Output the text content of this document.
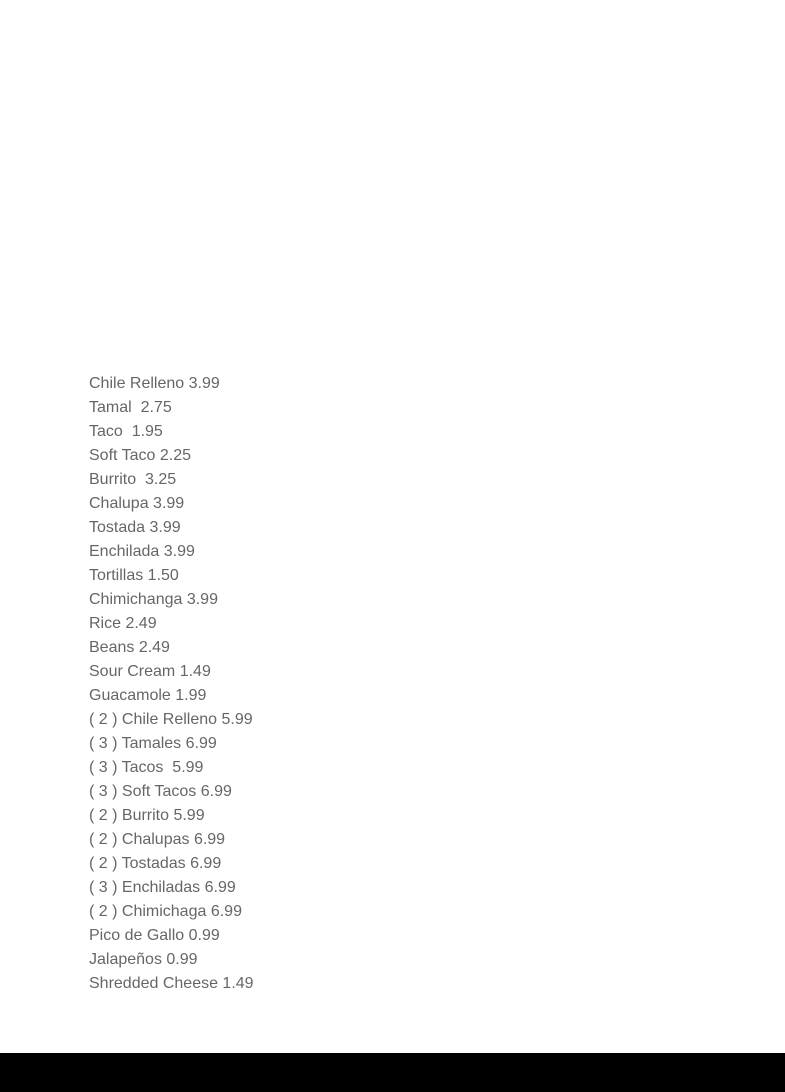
Chile Relleno 3.99
Tamal  2.75
Taco  1.95
Soft Taco 2.25
Burrito  3.25
Chalupa 3.99
Tostada 3.99
Enchilada 3.99
Tortillas 1.50
Chimichanga 3.99
Rice 2.49
Beans 2.49
Sour Cream 1.49
Guacamole 1.99
( 2 ) Chile Relleno 5.99
( 3 ) Tamales 6.99
( 3 ) Tacos  5.99
( 3 ) Soft Tacos 6.99
( 2 ) Burrito 5.99
( 2 ) Chalupas 6.99
( 2 ) Tostadas 6.99
( 3 ) Enchiladas 6.99
( 2 ) Chimichaga 6.99
Pico de Gallo 0.99
Jalapeños 0.99
Shredded Cheese 1.49
